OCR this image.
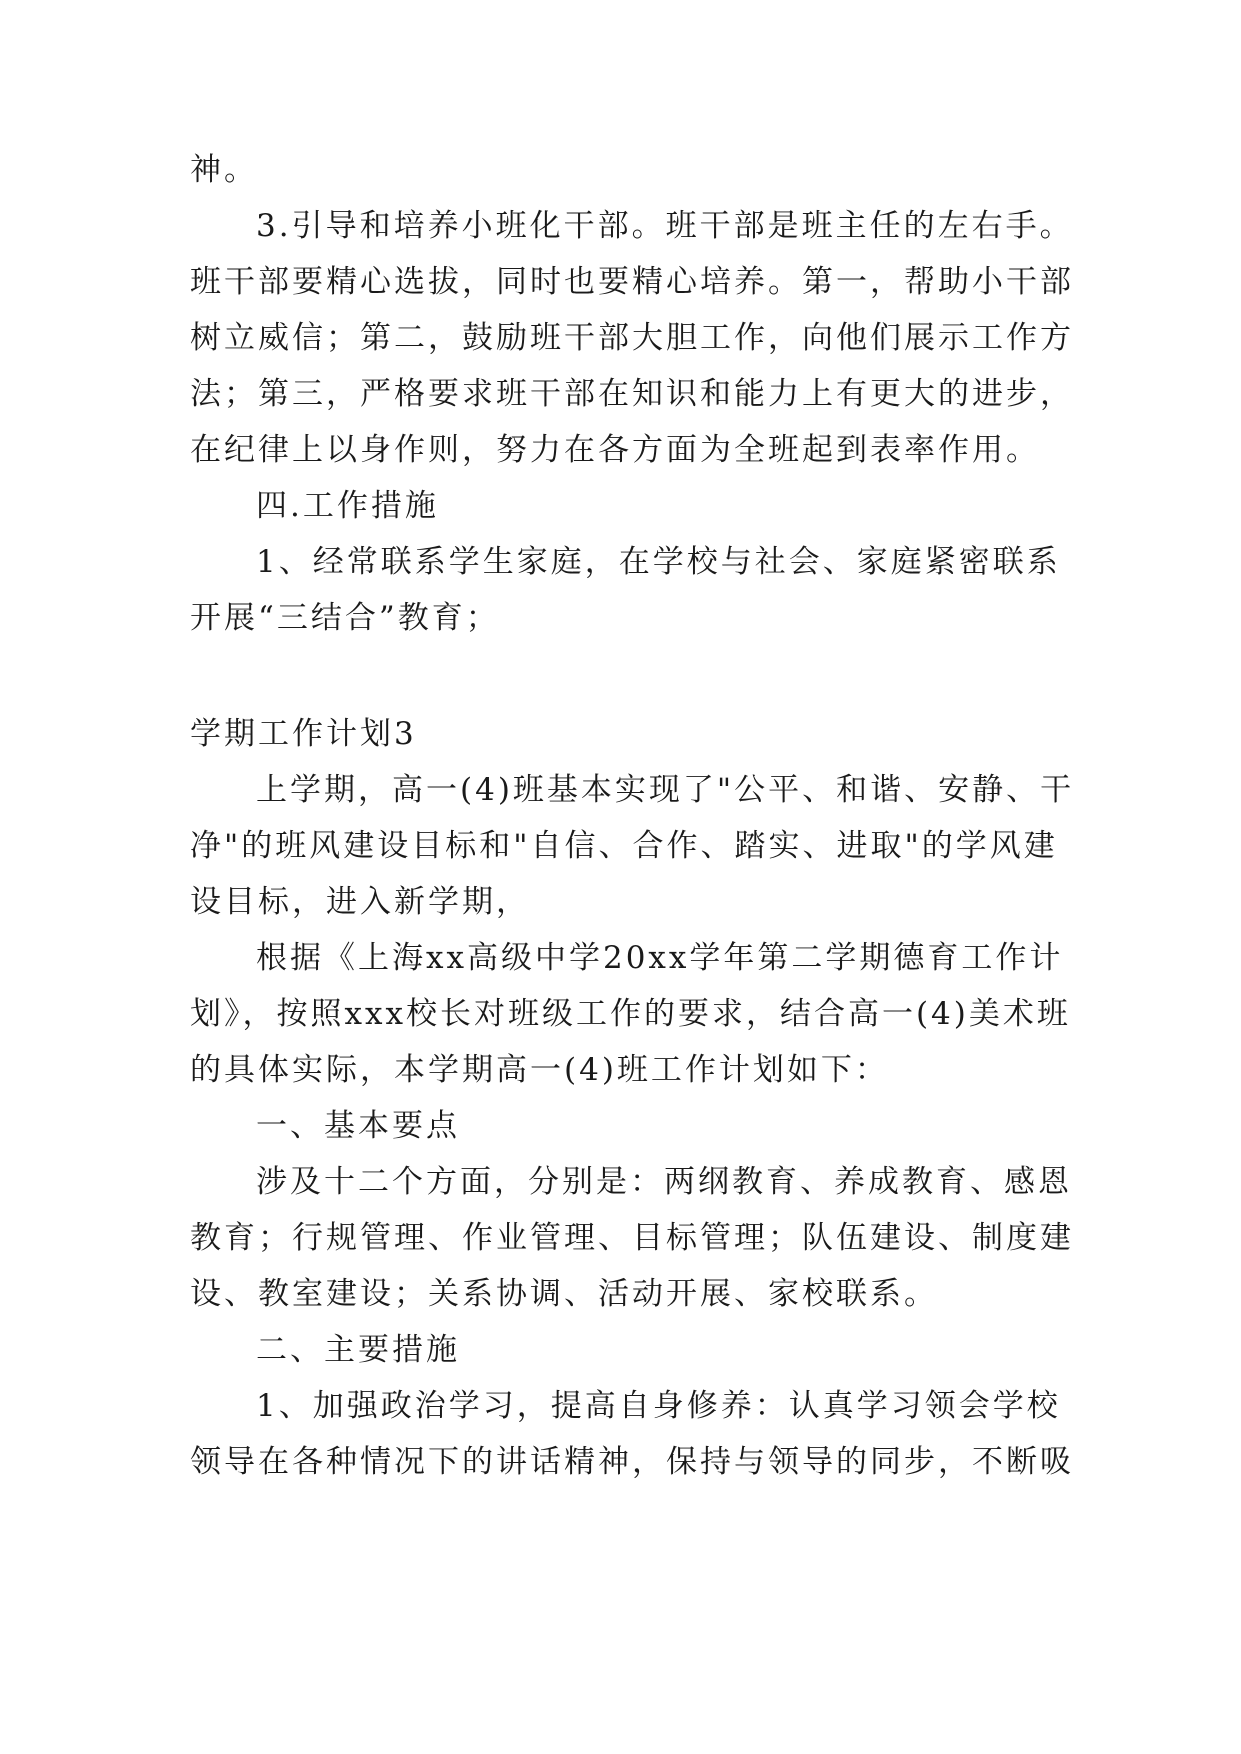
神。
3.引导和培养小班化干部。班干部是班主任的左右手。
班干部要精心选拔，同时也要精心培养。第一，帮助小干部
树立威信；第二，鼓励班干部大胆工作，向他们展示工作方
法；第三，严格要求班干部在知识和能力上有更大的进步，
在纪律上以身作则，努力在各方面为全班起到表率作用。
四.工作措施
1、经常联系学生家庭，在学校与社会、家庭紧密联系
开展“三结合”教育；
学期工作计划3
上学期，高一(4)班基本实现了"公平、和谐、安静、干
净"的班风建设目标和"自信、合作、踏实、进取"的学风建
设目标，进入新学期，
根据《上海xx高级中学20xx学年第二学期德育工作计
划》，按照xxx校长对班级工作的要求，结合高一(4)美术班
的具体实际，本学期高一(4)班工作计划如下：
一、基本要点
涉及十二个方面，分别是：两纲教育、养成教育、感恩
教育；行规管理、作业管理、目标管理；队伍建设、制度建
设、教室建设；关系协调、活动开展、家校联系。
二、主要措施
1、加强政治学习，提高自身修养：认真学习领会学校
领导在各种情况下的讲话精神，保持与领导的同步，不断吸
